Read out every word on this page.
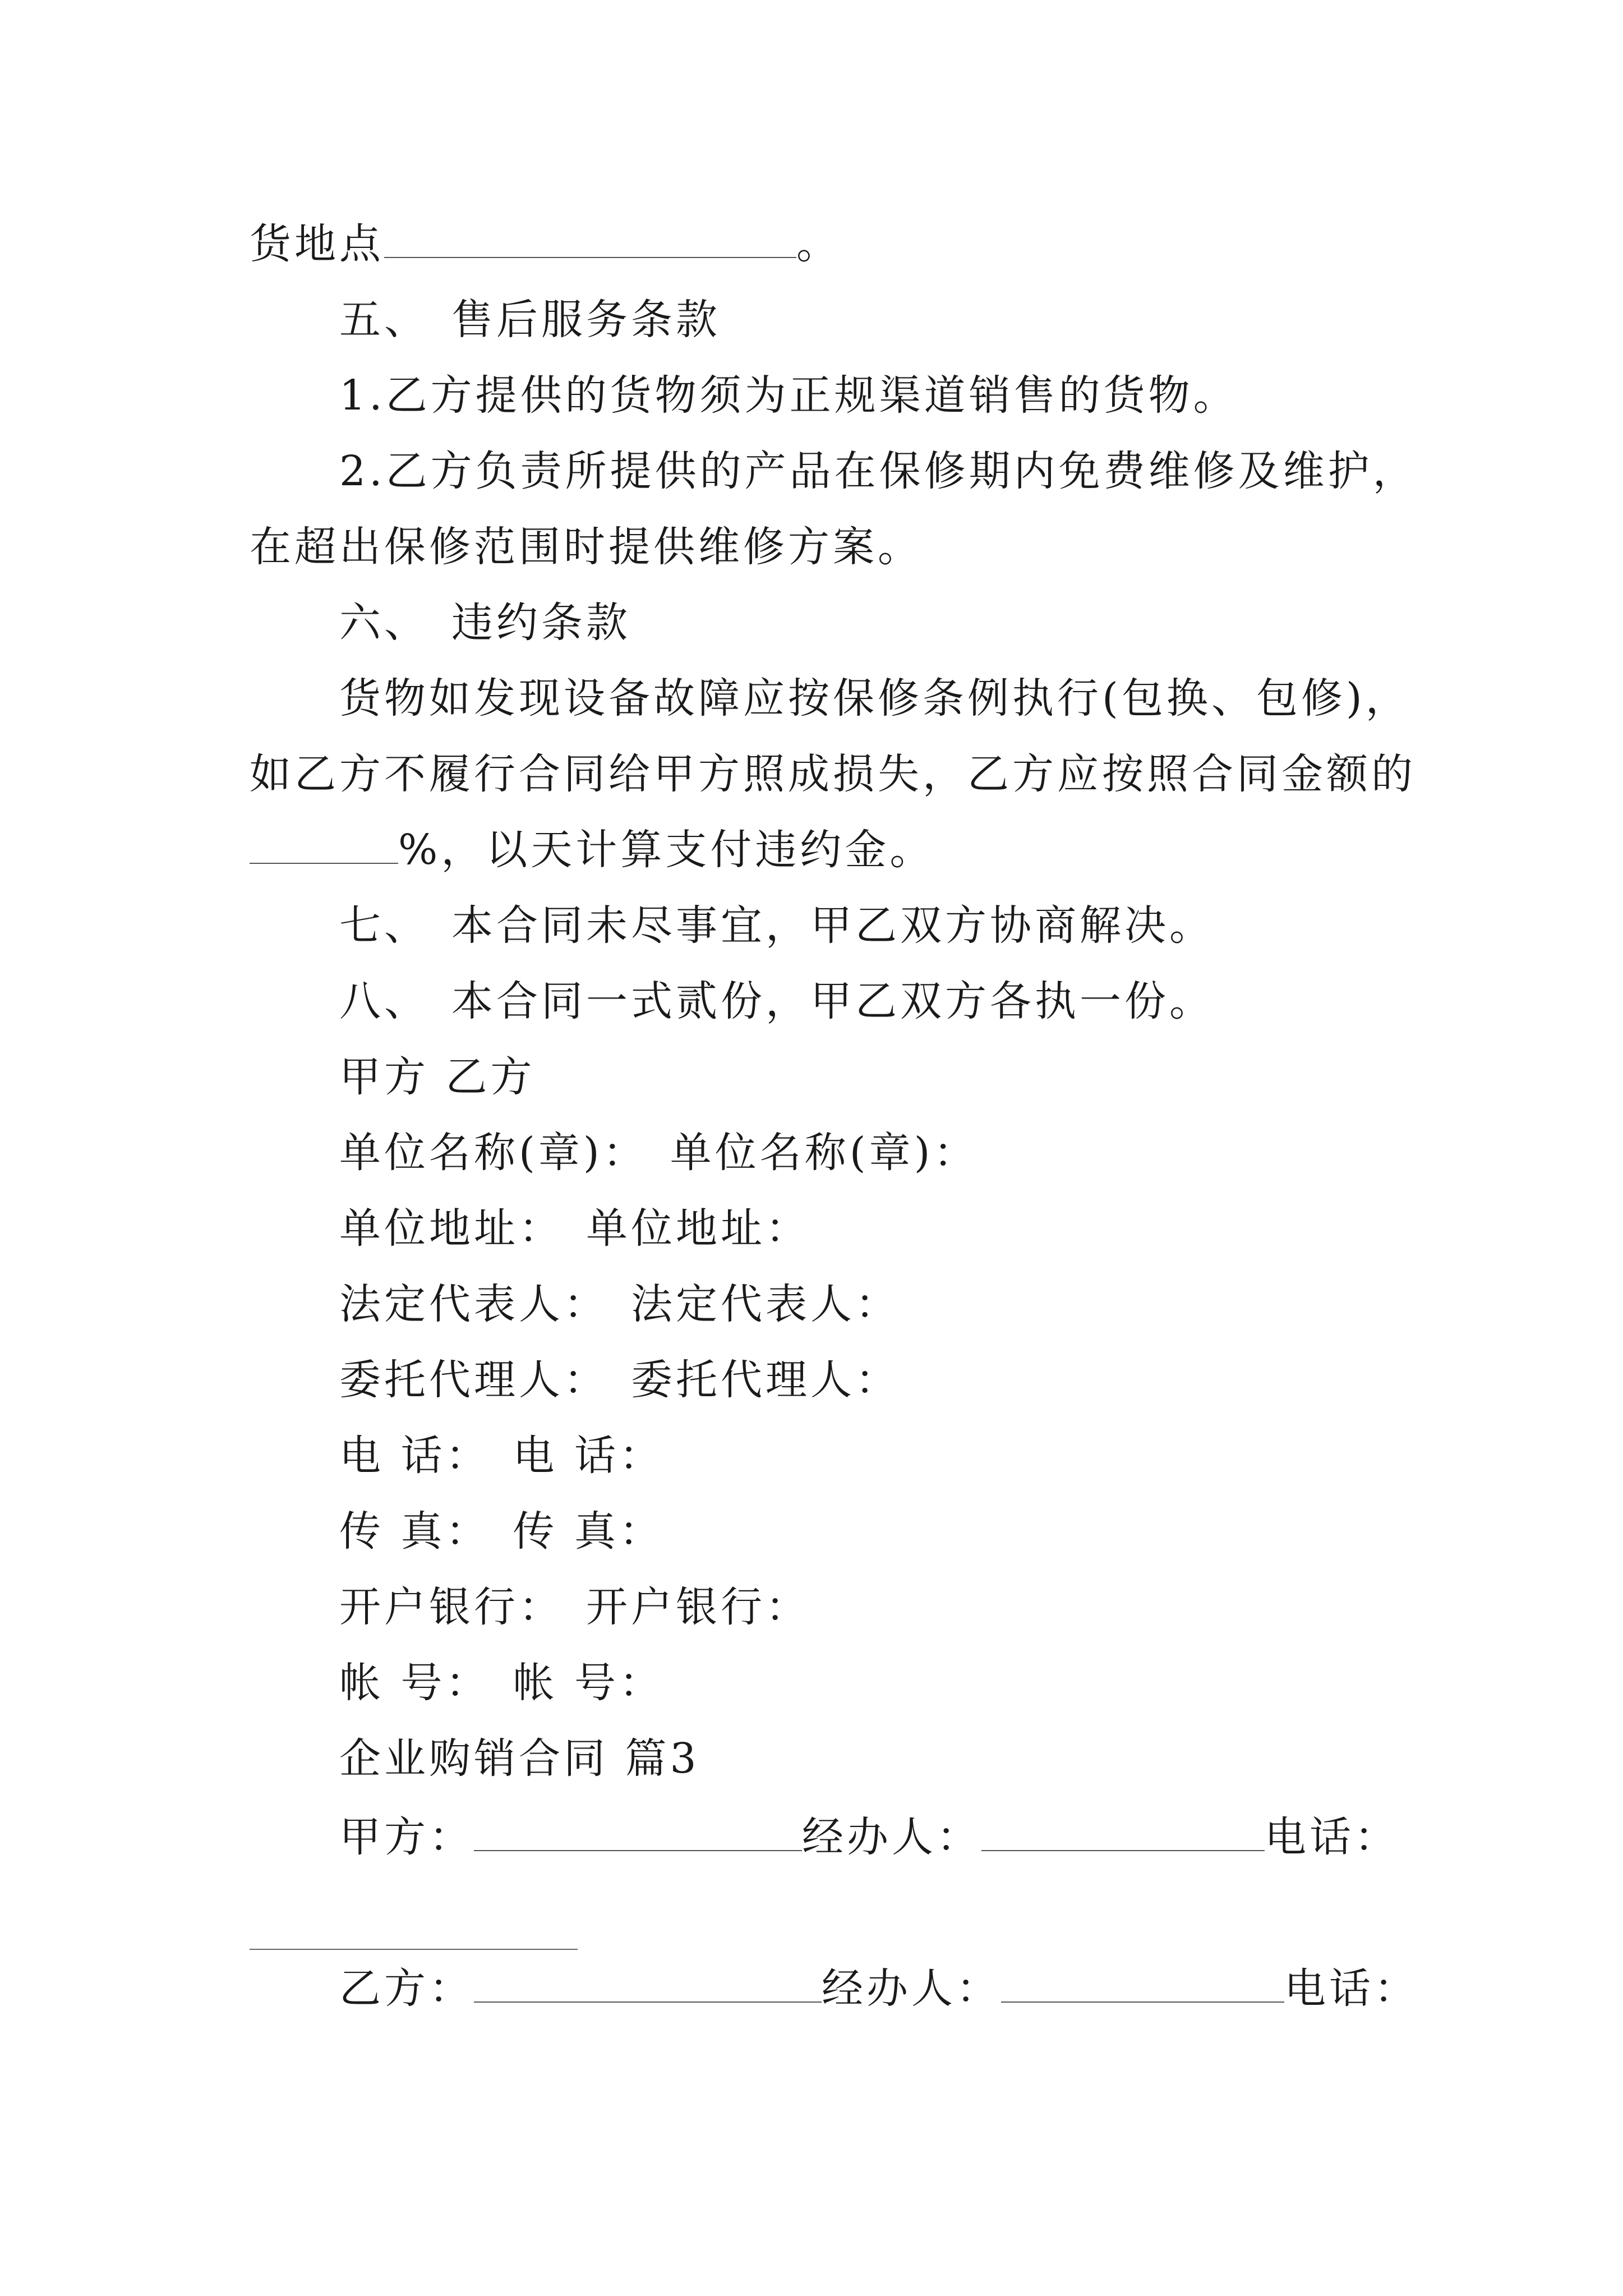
货地点	。
五、 售后服务条款
1.乙方提供的货物须为正规渠道销售的货物。
2.乙方负责所提供的产品在保修期内免费维修及维护，
在超出保修范围时提供维修方案。
六、 违约条款
货物如发现设备故障应按保修条例执行(包换、包修)，
如乙方不履行合同给甲方照成损失，乙方应按照合同金额的
%，以天计算支付违约金。
七、 本合同未尽事宜，甲乙双方协商解决。
八、 本合同一式贰份，甲乙双方各执一份。
甲方 乙方
单位名称(章)： 单位名称(章)：
单位地址： 单位地址：
法定代表人： 法定代表人：
委托代理人： 委托代理人：
电 话： 电 话：
传 真： 传 真：
开户银行： 开户银行：
帐 号： 帐 号：
企业购销合同 篇3
甲方：	经办人：	电话：
乙方：	经办人：	电话：
